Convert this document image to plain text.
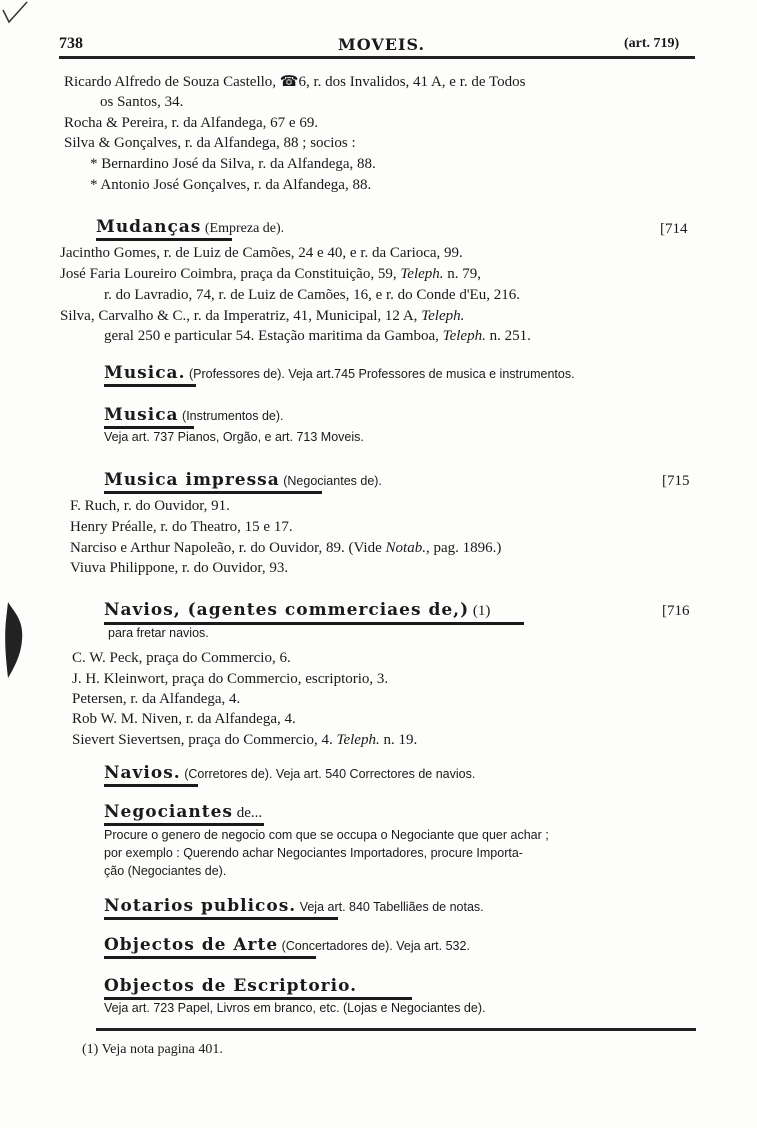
738	MOVEIS.	(art. 719)
Ricardo Alfredo de Souza Castello, ☎6, r. dos Invalidos, 41 A, e r. de Todos
os Santos, 34.
Rocha & Pereira, r. da Alfandega, 67 e 69.
Silva & Gonçalves, r. da Alfandega, 88 ; socios :
* Bernardino José da Silva, r. da Alfandega, 88.
* Antonio José Gonçalves, r. da Alfandega, 88.
Mudanças (Empreza de).	[714
Jacintho Gomes, r. de Luiz de Camões, 24 e 40, e r. da Carioca, 99.
José Faria Loureiro Coimbra, praça da Constituição, 59, Teleph. n. 79,
r. do Lavradio, 74, r. de Luiz de Camões, 16, e r. do Conde d'Eu, 216.
Silva, Carvalho & C., r. da Imperatriz, 41, Municipal, 12 A, Teleph.
geral 250 e particular 54. Estação maritima da Gamboa, Teleph. n. 251.
Musica. (Professores de). Veja art.745 Professores de musica e instrumentos.
Musica (Instrumentos de).
Veja art. 737 Pianos, Orgão, e art. 713 Moveis.
Musica impressa (Negociantes de).	[715
F. Ruch, r. do Ouvidor, 91.
Henry Préalle, r. do Theatro, 15 e 17.
Narciso e Arthur Napoleão, r. do Ouvidor, 89. (Vide Notab., pag. 1896.)
Viuva Philippone, r. do Ouvidor, 93.
Navios, (agentes commerciaes de,) (1)	[716
para fretar navios.
C. W. Peck, praça do Commercio, 6.
J. H. Kleinwort, praça do Commercio, escriptorio, 3.
Petersen, r. da Alfandega, 4.
Rob W. M. Niven, r. da Alfandega, 4.
Sievert Sievertsen, praça do Commercio, 4. Teleph. n. 19.
Navios. (Corretores de). Veja art. 540 Correctores de navios.
Negociantes de...
Procure o genero de negocio com que se occupa o Negociante que quer achar ;
por exemplo : Querendo achar Negociantes Importadores, procure Importa-
ção (Negociantes de).
Notarios publicos. Veja art. 840 Tabelliães de notas.
Objectos de Arte (Concertadores de). Veja art. 532.
Objectos de Escriptorio.
Veja art. 723 Papel, Livros em branco, etc. (Lojas e Negociantes de).
(1) Veja nota pagina 401.
